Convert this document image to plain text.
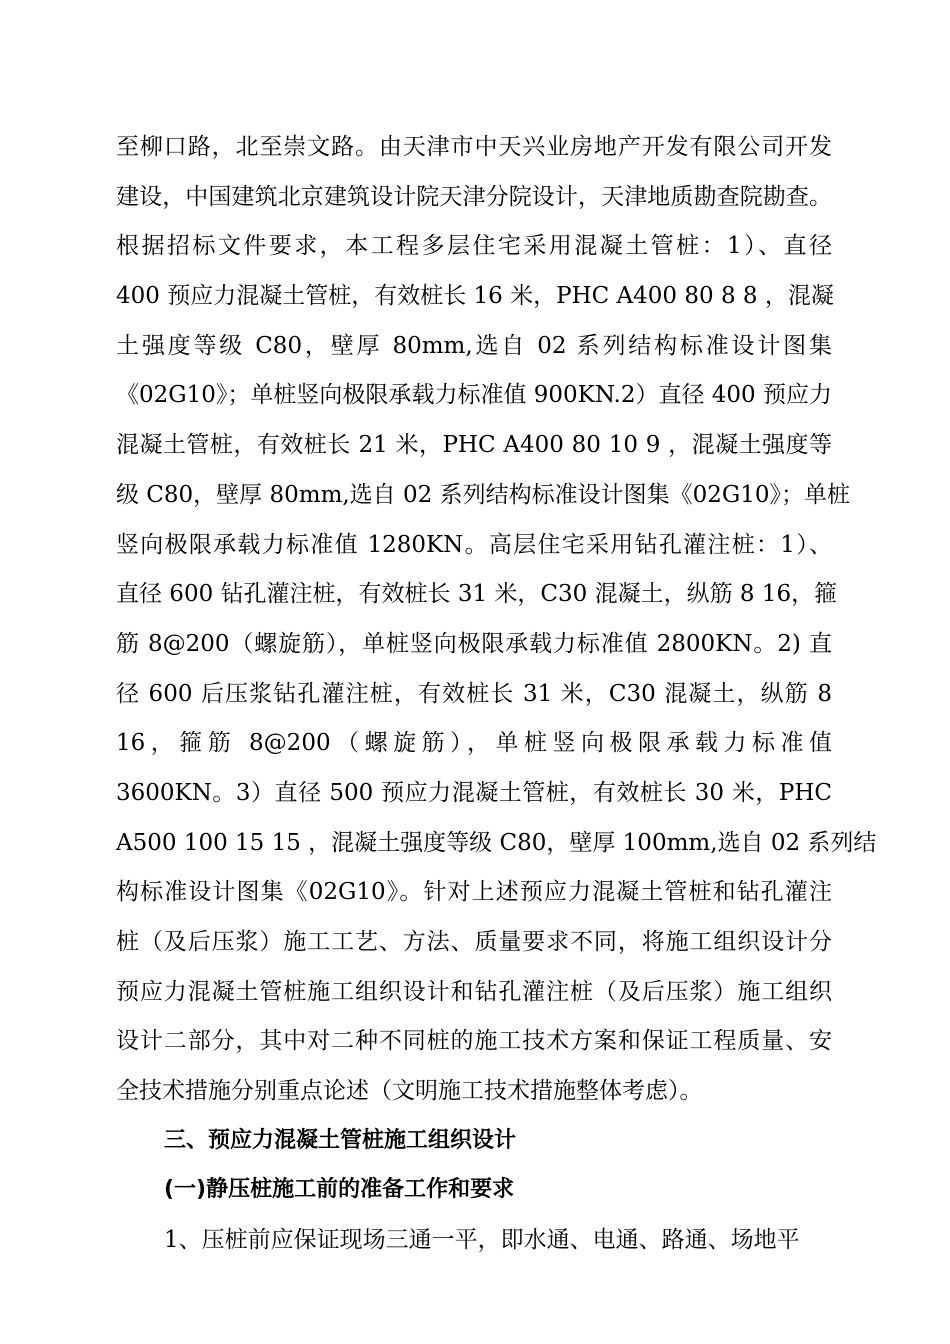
至柳口路，北至崇文路。由天津市中天兴业房地产开发有限公司开发
建设，中国建筑北京建筑设计院天津分院设计，天津地质勘查院勘查。
根据招标文件要求，本工程多层住宅采用混凝土管桩：1）、直径
400 预应力混凝土管桩，有效桩长 16 米，PHC A400 80 8 8 ，混凝
土强度等级 C80，壁厚 80mm,选自 02 系列结构标准设计图集
《02G10》；单桩竖向极限承载力标准值 900KN.2）直径 400 预应力
混凝土管桩，有效桩长 21 米，PHC A400 80 10 9 ，混凝土强度等
级 C80，壁厚 80mm,选自 02 系列结构标准设计图集《02G10》；单桩
竖向极限承载力标准值 1280KN。高层住宅采用钻孔灌注桩：1）、
直径 600 钻孔灌注桩，有效桩长 31 米，C30 混凝土，纵筋 8 16，箍
筋 8@200（螺旋筋），单桩竖向极限承载力标准值 2800KN。2) 直
径 600 后压浆钻孔灌注桩，有效桩长 31 米，C30 混凝土，纵筋 8
16，箍筋 8@200（螺旋筋），单桩竖向极限承载力标准值
3600KN。3）直径 500 预应力混凝土管桩，有效桩长 30 米，PHC
A500 100 15 15 ，混凝土强度等级 C80，壁厚 100mm,选自 02 系列结
构标准设计图集《02G10》。针对上述预应力混凝土管桩和钻孔灌注
桩（及后压浆）施工工艺、方法、质量要求不同，将施工组织设计分
预应力混凝土管桩施工组织设计和钻孔灌注桩（及后压浆）施工组织
设计二部分，其中对二种不同桩的施工技术方案和保证工程质量、安
全技术措施分别重点论述（文明施工技术措施整体考虑）。
三、预应力混凝土管桩施工组织设计
(一)静压桩施工前的准备工作和要求
1、压桩前应保证现场三通一平，即水通、电通、路通、场地平
